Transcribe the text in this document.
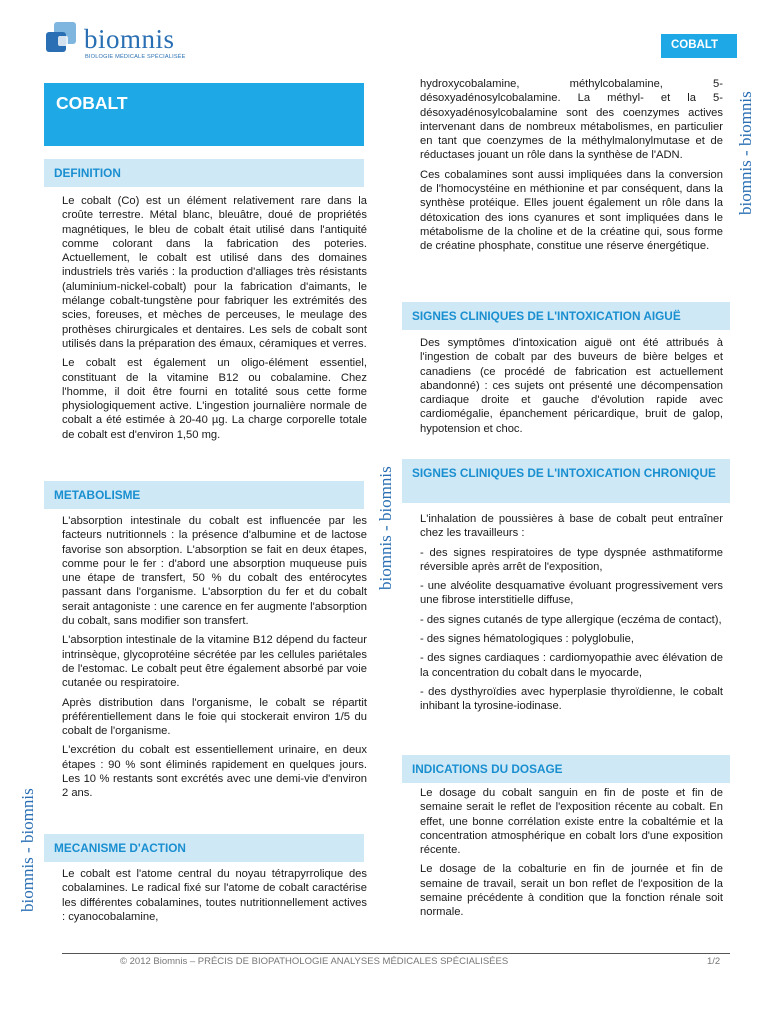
biomnis
BIOLOGIE MÉDICALE SPÉCIALISÉE
COBALT
COBALT
DEFINITION

Le cobalt (Co) est un élément relativement rare dans la croûte terrestre. Métal blanc, bleuâtre, doué de propriétés magnétiques, le bleu de cobalt était utilisé dans l'antiquité comme colorant dans la fabrication des poteries. Actuellement, le cobalt est utilisé dans des domaines industriels très variés : la production d'alliages très résistants (aluminium-nickel-cobalt) pour la fabrication d'aimants, le mélange cobalt-tungstène pour fabriquer les extrémités des scies, foreuses, et mèches de perceuses, le meulage des prothèses chirurgicales et dentaires. Les sels de cobalt sont utilisés dans la préparation des émaux, céramiques et verres.

Le cobalt est également un oligo-élément essentiel, constituant de la vitamine B12 ou cobalamine. Chez l'homme, il doit être fourni en totalité sous cette forme physiologiquement active. L'ingestion journalière normale de cobalt a été estimée à 20-40 µg. La charge corporelle totale de cobalt est d'environ 1,50 mg.

METABOLISME

L'absorption intestinale du cobalt est influencée par les facteurs nutritionnels : la présence d'albumine et de lactose favorise son absorption. L'absorption se fait en deux étapes, comme pour le fer : d'abord une absorption muqueuse puis une étape de transfert, 50 % du cobalt des entérocytes passant dans l'organisme. L'absorption du fer et du cobalt serait antagoniste : une carence en fer augmente l'absorption du cobalt, sans modifier son transfert.

L'absorption intestinale de la vitamine B12 dépend du facteur intrinsèque, glycoprotéine sécrétée par les cellules pariétales de l'estomac. Le cobalt peut être également absorbé par voie cutanée ou respiratoire.

Après distribution dans l'organisme, le cobalt se répartit préférentiellement dans le foie qui stockerait environ 1/5 du cobalt de l'organisme.

L'excrétion du cobalt est essentiellement urinaire, en deux étapes : 90 % sont éliminés rapidement en quelques jours. Les 10 % restants sont excrétés avec une demi-vie d'environ 2 ans.

MECANISME D'ACTION

Le cobalt est l'atome central du noyau tétrapyrrolique des cobalamines. Le radical fixé sur l'atome de cobalt caractérise les différentes cobalamines, toutes nutritionnellement actives : cyanocobalamine,

hydroxycobalamine, méthylcobalamine, 5-désoxyadénosylcobalamine. La méthyl- et la 5-désoxyadénosylcobalamine sont des coenzymes actives intervenant dans de nombreux métabolismes, en particulier en tant que coenzymes de la méthylmalonylmutase et de réductases jouant un rôle dans la synthèse de l'ADN.

Ces cobalamines sont aussi impliquées dans la conversion de l'homocystéine en méthionine et par conséquent, dans la synthèse protéique. Elles jouent également un rôle dans la détoxication des ions cyanures et sont impliquées dans le métabolisme de la choline et de la créatine qui, sous forme de créatine phosphate, constitue une réserve énergétique.

SIGNES CLINIQUES DE L'INTOXICATION AIGUË

Des symptômes d'intoxication aiguë ont été attribués à l'ingestion de cobalt par des buveurs de bière belges et canadiens (ce procédé de fabrication est actuellement abandonné) : ces sujets ont présenté une décompensation cardiaque droite et gauche d'évolution rapide avec cardiomégalie, épanchement péricardique, bruit de galop, hypotension et choc.

SIGNES CLINIQUES DE L'INTOXICATION CHRONIQUE

L'inhalation de poussières à base de cobalt peut entraîner chez les travailleurs :

- des signes respiratoires de type dyspnée asthmatiforme réversible après arrêt de l'exposition,

- une alvéolite desquamative évoluant progressivement vers une fibrose interstitielle diffuse,

- des signes cutanés de type allergique (eczéma de contact),

- des signes hématologiques : polyglobulie,

- des signes cardiaques : cardiomyopathie avec élévation de la concentration du cobalt dans le myocarde,

- des dysthyroïdies avec hyperplasie thyroïdienne, le cobalt inhibant la tyrosine-iodinase.

INDICATIONS DU DOSAGE

Le dosage du cobalt sanguin en fin de poste et fin de semaine serait le reflet de l'exposition récente au cobalt. En effet, une bonne corrélation existe entre la cobaltémie et la concentration atmosphérique en cobalt lors d'une exposition récente.

Le dosage de la cobalturie en fin de journée et fin de semaine de travail, serait un bon reflet de l'exposition de la semaine précédente à condition que la fonction rénale soit normale.

biomnis - biomnis
biomnis - biomnis
biomnis - biomnis
© 2012 Biomnis – PRÉCIS DE BIOPATHOLOGIE ANALYSES MÉDICALES SPÉCIALISÉES	1/2
